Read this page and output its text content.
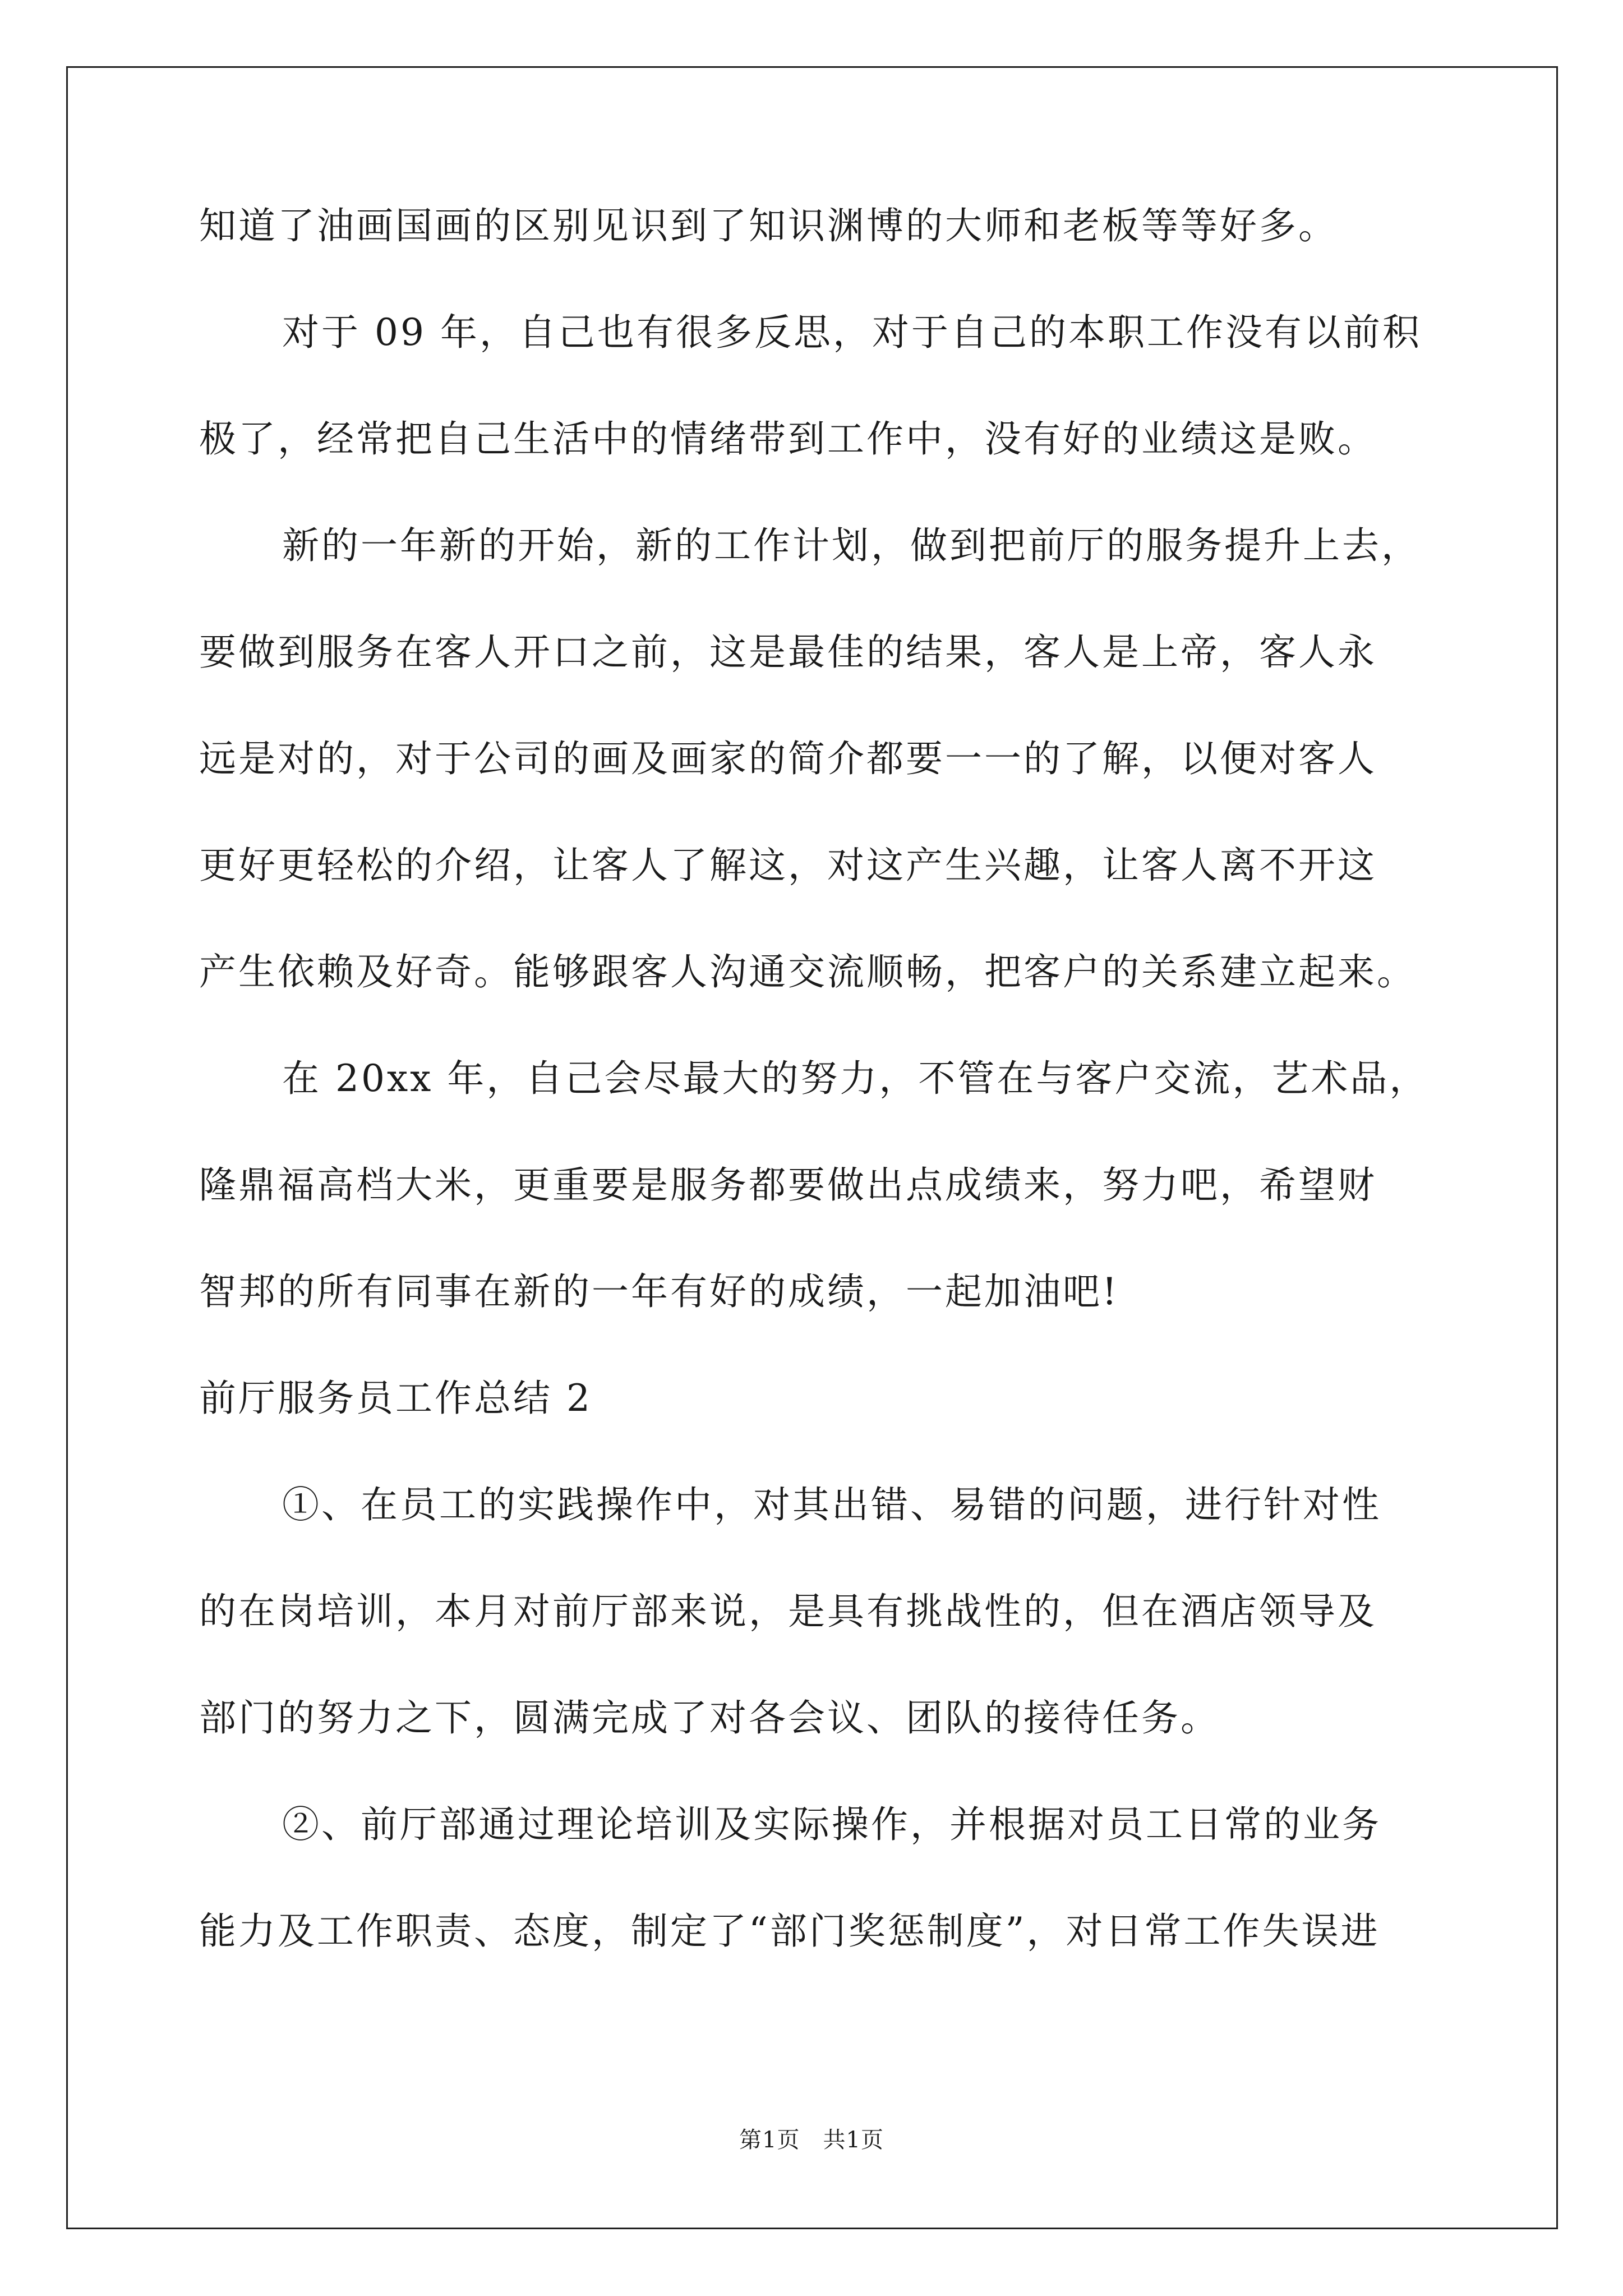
知道了油画国画的区别见识到了知识渊博的大师和老板等等好多。
对于 09 年，自己也有很多反思，对于自己的本职工作没有以前积
极了，经常把自己生活中的情绪带到工作中，没有好的业绩这是败。
新的一年新的开始，新的工作计划，做到把前厅的服务提升上去，
要做到服务在客人开口之前，这是最佳的结果，客人是上帝，客人永
远是对的，对于公司的画及画家的简介都要一一的了解，以便对客人
更好更轻松的介绍，让客人了解这，对这产生兴趣，让客人离不开这
产生依赖及好奇。能够跟客人沟通交流顺畅，把客户的关系建立起来。
在 20xx 年，自己会尽最大的努力，不管在与客户交流，艺术品，
隆鼎福高档大米，更重要是服务都要做出点成绩来，努力吧，希望财
智邦的所有同事在新的一年有好的成绩，一起加油吧!
前厅服务员工作总结 2
①、在员工的实践操作中，对其出错、易错的问题，进行针对性
的在岗培训，本月对前厅部来说，是具有挑战性的，但在酒店领导及
部门的努力之下，圆满完成了对各会议、团队的接待任务。
②、前厅部通过理论培训及实际操作，并根据对员工日常的业务
能力及工作职责、态度，制定了“部门奖惩制度”，对日常工作失误进
第1页　共1页
